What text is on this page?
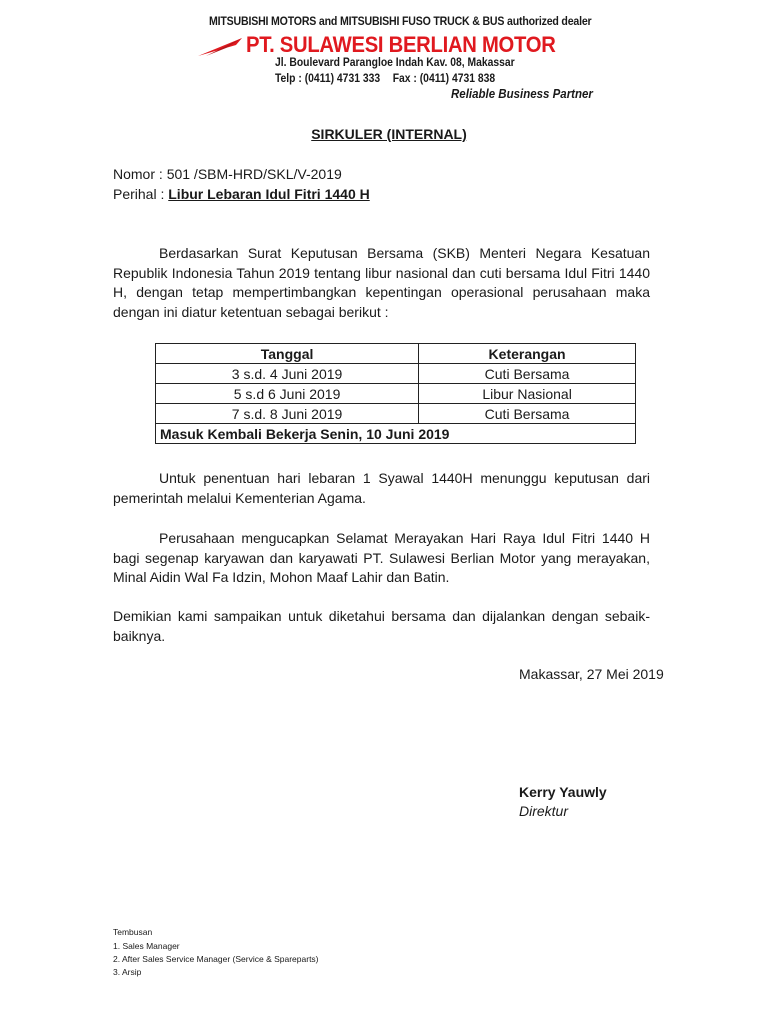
MITSUBISHI MOTORS and MITSUBISHI FUSO TRUCK & BUS authorized dealer
PT. SULAWESI BERLIAN MOTOR
Jl. Boulevard Parangloe Indah Kav. 08, Makassar
Telp : (0411) 4731 333 Fax : (0411) 4731 838
Reliable Business Partner
SIRKULER (INTERNAL)
Nomor : 501 /SBM-HRD/SKL/V-2019
Perihal : Libur Lebaran Idul Fitri 1440 H
Berdasarkan Surat Keputusan Bersama (SKB) Menteri Negara Kesatuan Republik Indonesia Tahun 2019 tentang libur nasional dan cuti bersama Idul Fitri 1440 H, dengan tetap mempertimbangkan kepentingan operasional perusahaan maka dengan ini diatur ketentuan sebagai berikut :
Tanggal	Keterangan
3 s.d. 4 Juni 2019	Cuti Bersama
5 s.d 6 Juni 2019	Libur Nasional
7 s.d. 8 Juni 2019	Cuti Bersama
Masuk Kembali Bekerja Senin, 10 Juni 2019	
Untuk penentuan hari lebaran 1 Syawal 1440H menunggu keputusan dari pemerintah melalui Kementerian Agama.
Perusahaan mengucapkan Selamat Merayakan Hari Raya Idul Fitri 1440 H bagi segenap karyawan dan karyawati PT. Sulawesi Berlian Motor yang merayakan, Minal Aidin Wal Fa Idzin, Mohon Maaf Lahir dan Batin.
Demikian kami sampaikan untuk diketahui bersama dan dijalankan dengan sebaik-baiknya.
Makassar, 27 Mei 2019
Kerry Yauwly
Direktur
Tembusan
1. Sales Manager
2. After Sales Service Manager (Service & Spareparts)
3. Arsip
